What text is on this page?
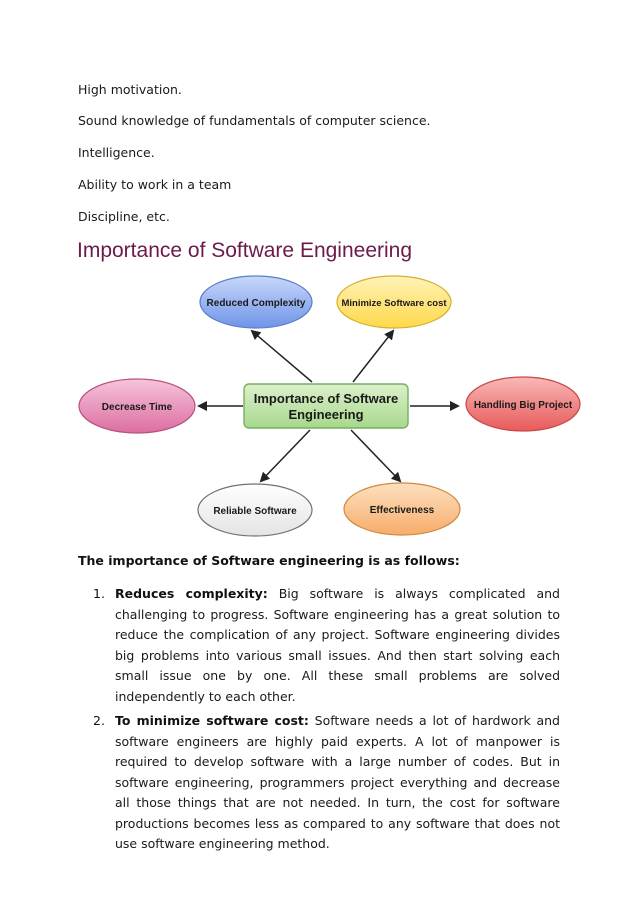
High motivation.
Sound knowledge of fundamentals of computer science.
Intelligence.
Ability to work in a team
Discipline, etc.
Importance of Software Engineering
Reduced Complexity	Minimize Software cost
Decrease Time	Handling Big Project
Reliable Software	Effectiveness
Importance of Software
Engineering
The importance of Software engineering is as follows:
1. Reduces complexity: Big software is always complicated and challenging to progress. Software engineering has a great solution to reduce the complication of any project. Software engineering divides big problems into various small issues. And then start solving each small issue one by one. All these small problems are solved independently to each other.
2. To minimize software cost: Software needs a lot of hardwork and software engineers are highly paid experts. A lot of manpower is required to develop software with a large number of codes. But in software engineering, programmers project everything and decrease all those things that are not needed. In turn, the cost for software productions becomes less as compared to any software that does not use software engineering method.
